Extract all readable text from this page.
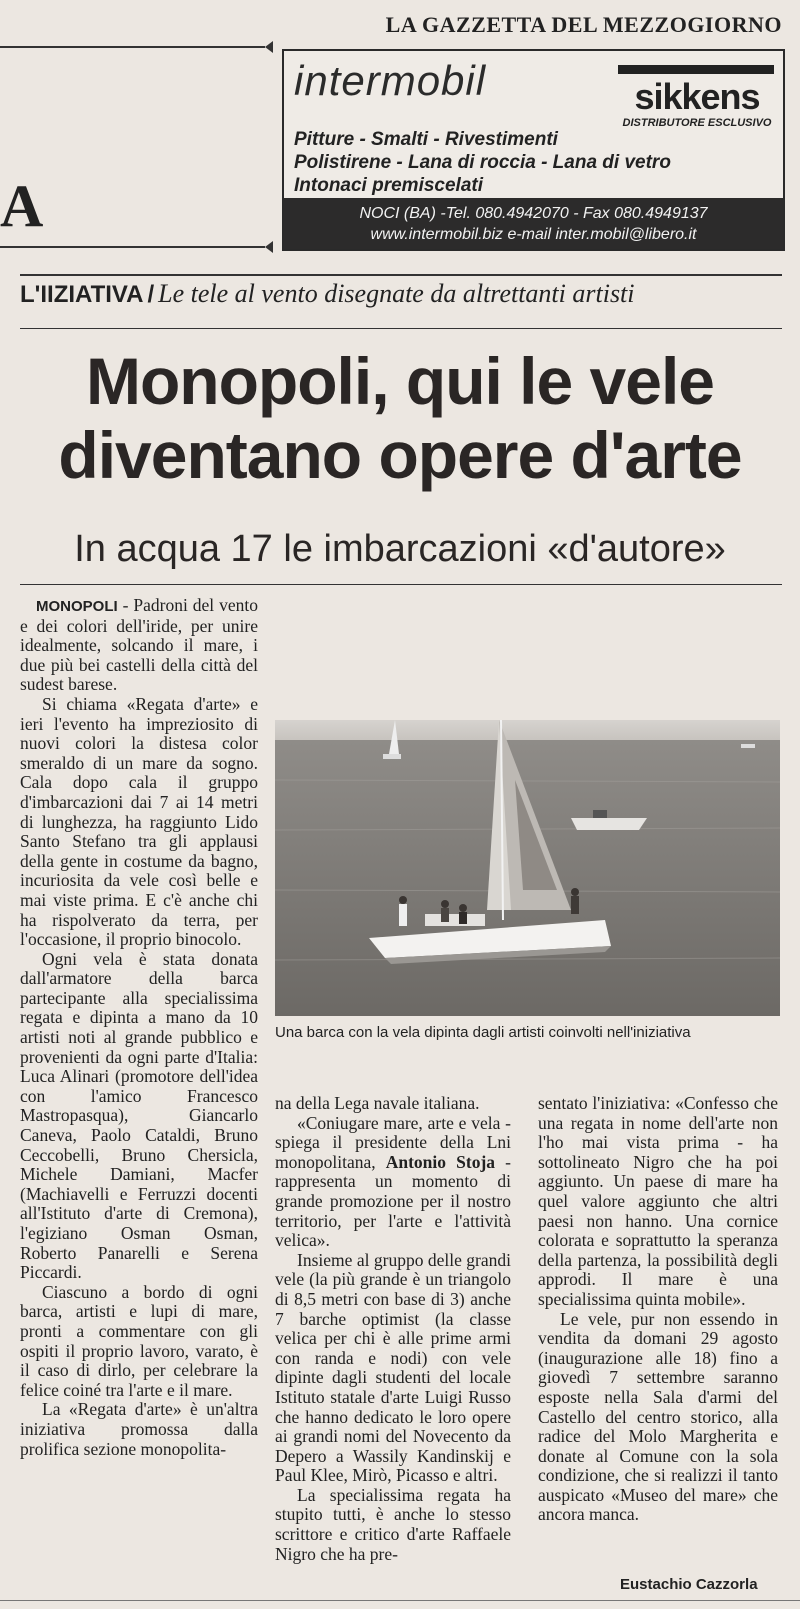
LA GAZZETTA DEL MEZZOGIORNO
A
intermobil	sikkens
DISTRIBUTORE ESCLUSIVO
Pitture - Smalti - Rivestimenti
Polistirene - Lana di roccia - Lana di vetro
Intonaci premiscelati
NOCI (BA) -Tel. 080.4942070 - Fax 080.4949137
www.intermobil.biz e-mail inter.mobil@libero.it
L'IIZIATIVA / Le tele al vento disegnate da altrettanti artisti
Monopoli, qui le vele
diventano opere d'arte
In acqua 17 le imbarcazioni «d'autore»

MONOPOLI - Padroni del vento e dei colori dell'iride, per unire idealmente, solcando il mare, i due più bei castelli della città del sudest barese.

Si chiama «Regata d'arte» e ieri l'evento ha impreziosito di nuovi colori la distesa color smeraldo di un mare da sogno. Cala dopo cala il gruppo d'imbarcazioni dai 7 ai 14 metri di lunghezza, ha raggiunto Lido Santo Stefano tra gli applausi della gente in costume da bagno, incuriosita da vele così belle e mai viste prima. E c'è anche chi ha rispolverato da terra, per l'occasione, il proprio binocolo.

Ogni vela è stata donata dall'armatore della barca partecipante alla specialissima regata e dipinta a mano da 10 artisti noti al grande pubblico e provenienti da ogni parte d'Italia: Luca Alinari (promotore dell'idea con l'amico Francesco Mastropasqua), Giancarlo Caneva, Paolo Cataldi, Bruno Ceccobelli, Bruno Chersicla, Michele Damiani, Macfer (Machiavelli e Ferruzzi docenti all'Istituto d'arte di Cremona), l'egiziano Osman Osman, Roberto Panarelli e Serena Piccardi.

Ciascuno a bordo di ogni barca, artisti e lupi di mare, pronti a commentare con gli ospiti il proprio lavoro, varato, è il caso di dirlo, per celebrare la felice coiné tra l'arte e il mare.

La «Regata d'arte» è un'altra iniziativa promossa dalla prolifica sezione monopolita-

Una barca con la vela dipinta dagli artisti coinvolti nell'iniziativa

na della Lega navale italiana.

«Coniugare mare, arte e vela - spiega il presidente della Lni monopolitana, Antonio Stoja - rappresenta un momento di grande promozione per il nostro territorio, per l'arte e l'attività velica».

Insieme al gruppo delle grandi vele (la più grande è un triangolo di 8,5 metri con base di 3) anche 7 barche optimist (la classe velica per chi è alle prime armi con randa e nodi) con vele dipinte dagli studenti del locale Istituto statale d'arte Luigi Russo che hanno dedicato le loro opere ai grandi nomi del Novecento da Depero a Wassily Kandinskij e Paul Klee, Mirò, Picasso e altri.

La specialissima regata ha stupito tutti, è anche lo stesso scrittore e critico d'arte Raffaele Nigro che ha pre-

sentato l'iniziativa: «Confesso che una regata in nome dell'arte non l'ho mai vista prima - ha sottolineato Nigro che ha poi aggiunto. Un paese di mare ha quel valore aggiunto che altri paesi non hanno. Una cornice colorata e soprattutto la speranza della partenza, la possibilità degli approdi. Il mare è una specialissima quinta mobile».

Le vele, pur non essendo in vendita da domani 29 agosto (inaugurazione alle 18) fino a giovedì 7 settembre saranno esposte nella Sala d'armi del Castello del centro storico, alla radice del Molo Margherita e donate al Comune con la sola condizione, che si realizzi il tanto auspicato «Museo del mare» che ancora manca.

Eustachio Cazzorla
